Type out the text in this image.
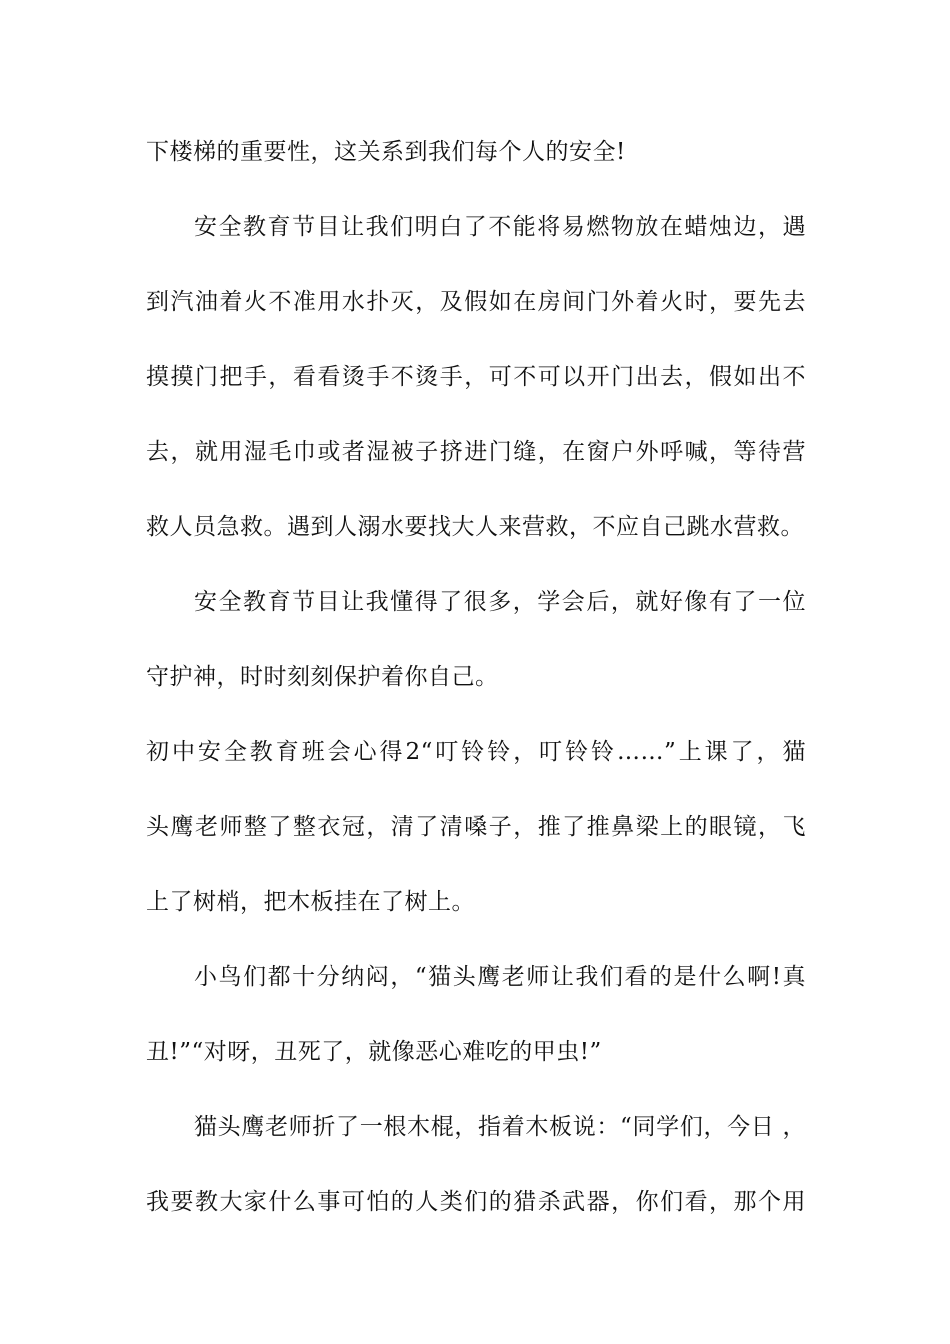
下楼梯的重要性，这关系到我们每个人的安全!
安全教育节目让我们明白了不能将易燃物放在蜡烛边，遇
到汽油着火不准用水扑灭，及假如在房间门外着火时，要先去
摸摸门把手，看看烫手不烫手，可不可以开门出去，假如出不
去，就用湿毛巾或者湿被子挤进门缝，在窗户外呼喊，等待营
救人员急救。遇到人溺水要找大人来营救，不应自己跳水营救。
安全教育节目让我懂得了很多，学会后，就好像有了一位
守护神，时时刻刻保护着你自己。
初中安全教育班会心得2“叮铃铃，叮铃铃……”上课了，猫
头鹰老师整了整衣冠，清了清嗓子，推了推鼻梁上的眼镜，飞
上了树梢，把木板挂在了树上。
小鸟们都十分纳闷，“猫头鹰老师让我们看的是什么啊!真
丑!”“对呀，丑死了，就像恶心难吃的甲虫!”
猫头鹰老师折了一根木棍，指着木板说：“同学们，今日 ，
我要教大家什么事可怕的人类们的猎杀武器，你们看，那个用
